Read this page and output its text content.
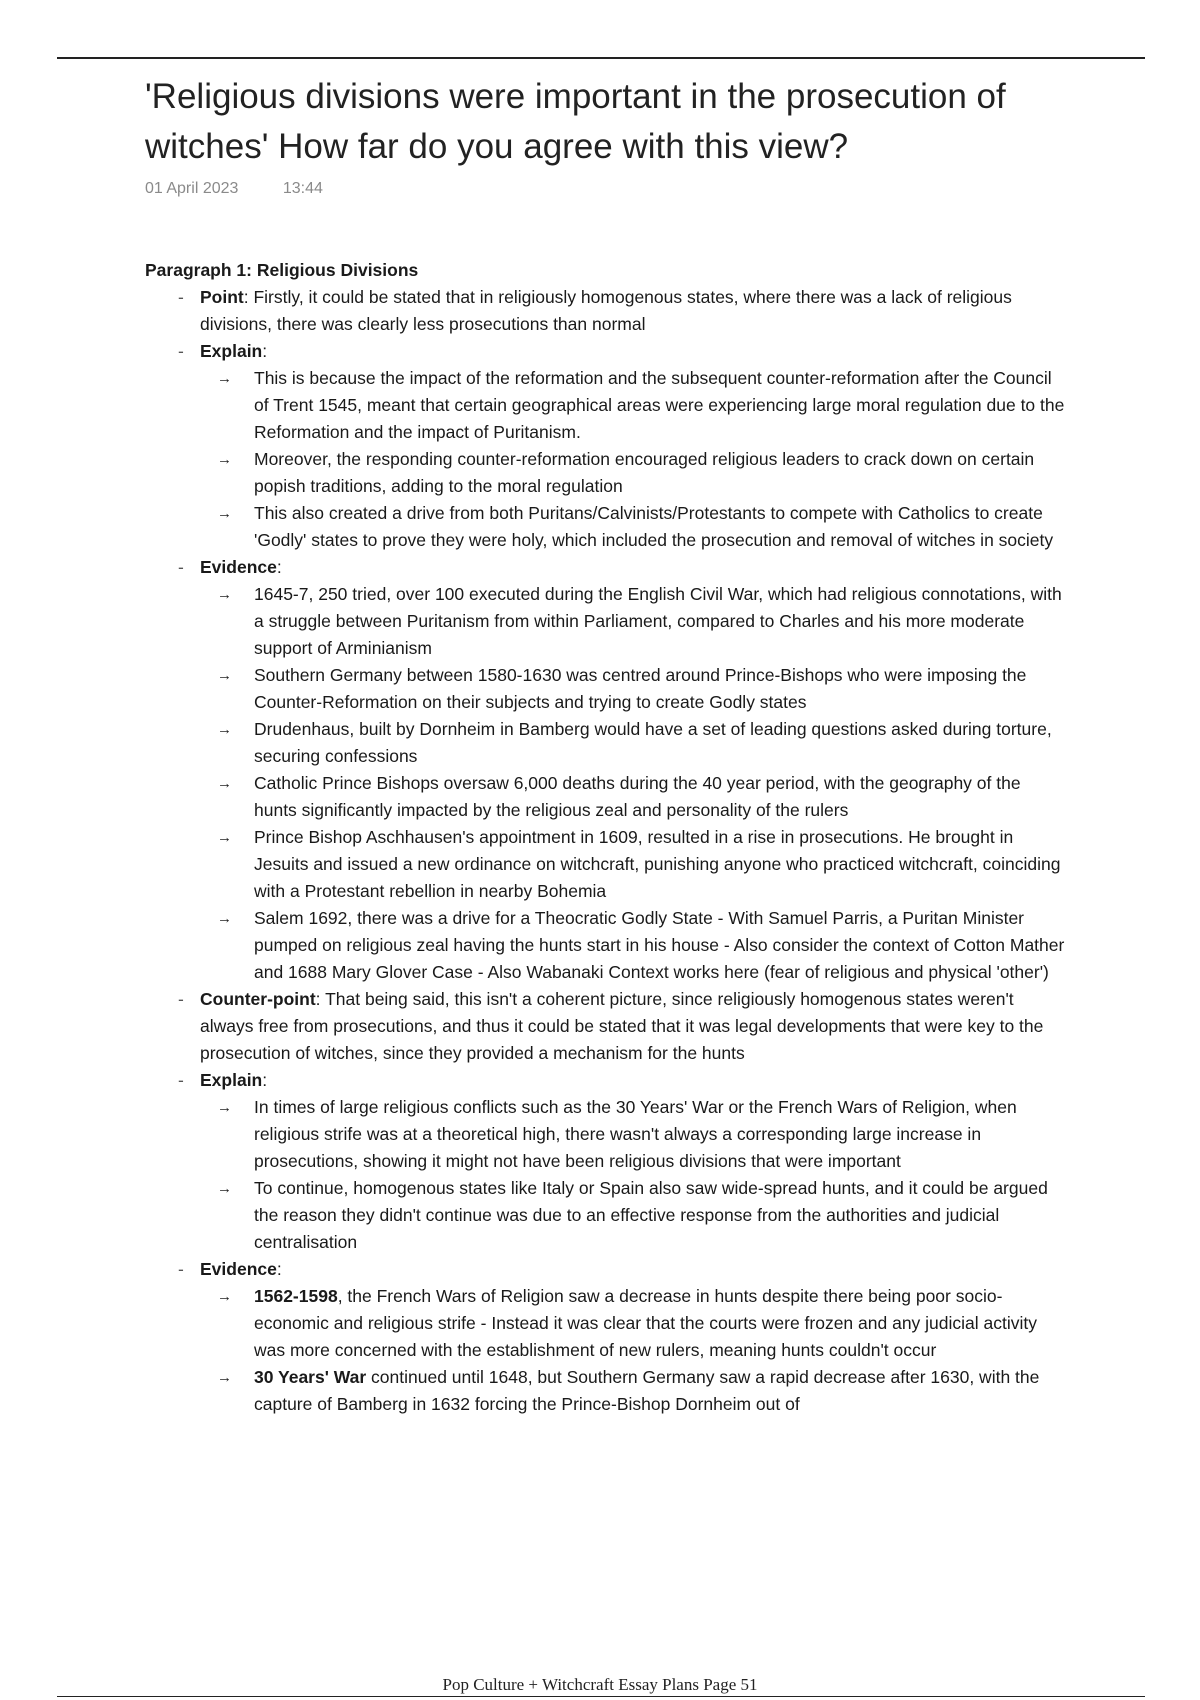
'Religious divisions were important in the prosecution of witches' How far do you agree with this view?
01 April 2023	13:44
Paragraph 1: Religious Divisions
- Point: Firstly, it could be stated that in religiously homogenous states, where there was a lack of religious divisions, there was clearly less prosecutions than normal
- Explain:
→ This is because the impact of the reformation and the subsequent counter-reformation after the Council of Trent 1545, meant that certain geographical areas were experiencing large moral regulation due to the Reformation and the impact of Puritanism.
→ Moreover, the responding counter-reformation encouraged religious leaders to crack down on certain popish traditions, adding to the moral regulation
→ This also created a drive from both Puritans/Calvinists/Protestants to compete with Catholics to create 'Godly' states to prove they were holy, which included the prosecution and removal of witches in society
- Evidence:
→ 1645-7, 250 tried, over 100 executed during the English Civil War, which had religious connotations, with a struggle between Puritanism from within Parliament, compared to Charles and his more moderate support of Arminianism
→ Southern Germany between 1580-1630 was centred around Prince-Bishops who were imposing the Counter-Reformation on their subjects and trying to create Godly states
→ Drudenhaus, built by Dornheim in Bamberg would have a set of leading questions asked during torture, securing confessions
→ Catholic Prince Bishops oversaw 6,000 deaths during the 40 year period, with the geography of the hunts significantly impacted by the religious zeal and personality of the rulers
→ Prince Bishop Aschhausen's appointment in 1609, resulted in a rise in prosecutions. He brought in Jesuits and issued a new ordinance on witchcraft, punishing anyone who practiced witchcraft, coinciding with a Protestant rebellion in nearby Bohemia
→ Salem 1692, there was a drive for a Theocratic Godly State - With Samuel Parris, a Puritan Minister pumped on religious zeal having the hunts start in his house - Also consider the context of Cotton Mather and 1688 Mary Glover Case - Also Wabanaki Context works here (fear of religious and physical 'other')
- Counter-point: That being said, this isn't a coherent picture, since religiously homogenous states weren't always free from prosecutions, and thus it could be stated that it was legal developments that were key to the prosecution of witches, since they provided a mechanism for the hunts
- Explain:
→ In times of large religious conflicts such as the 30 Years' War or the French Wars of Religion, when religious strife was at a theoretical high, there wasn't always a corresponding large increase in prosecutions, showing it might not have been religious divisions that were important
→ To continue, homogenous states like Italy or Spain also saw wide-spread hunts, and it could be argued the reason they didn't continue was due to an effective response from the authorities and judicial centralisation
- Evidence:
→ 1562-1598, the French Wars of Religion saw a decrease in hunts despite there being poor socio-economic and religious strife - Instead it was clear that the courts were frozen and any judicial activity was more concerned with the establishment of new rulers, meaning hunts couldn't occur
→ 30 Years' War continued until 1648, but Southern Germany saw a rapid decrease after 1630, with the capture of Bamberg in 1632 forcing the Prince-Bishop Dornheim out of
Pop Culture + Witchcraft Essay Plans Page 51
